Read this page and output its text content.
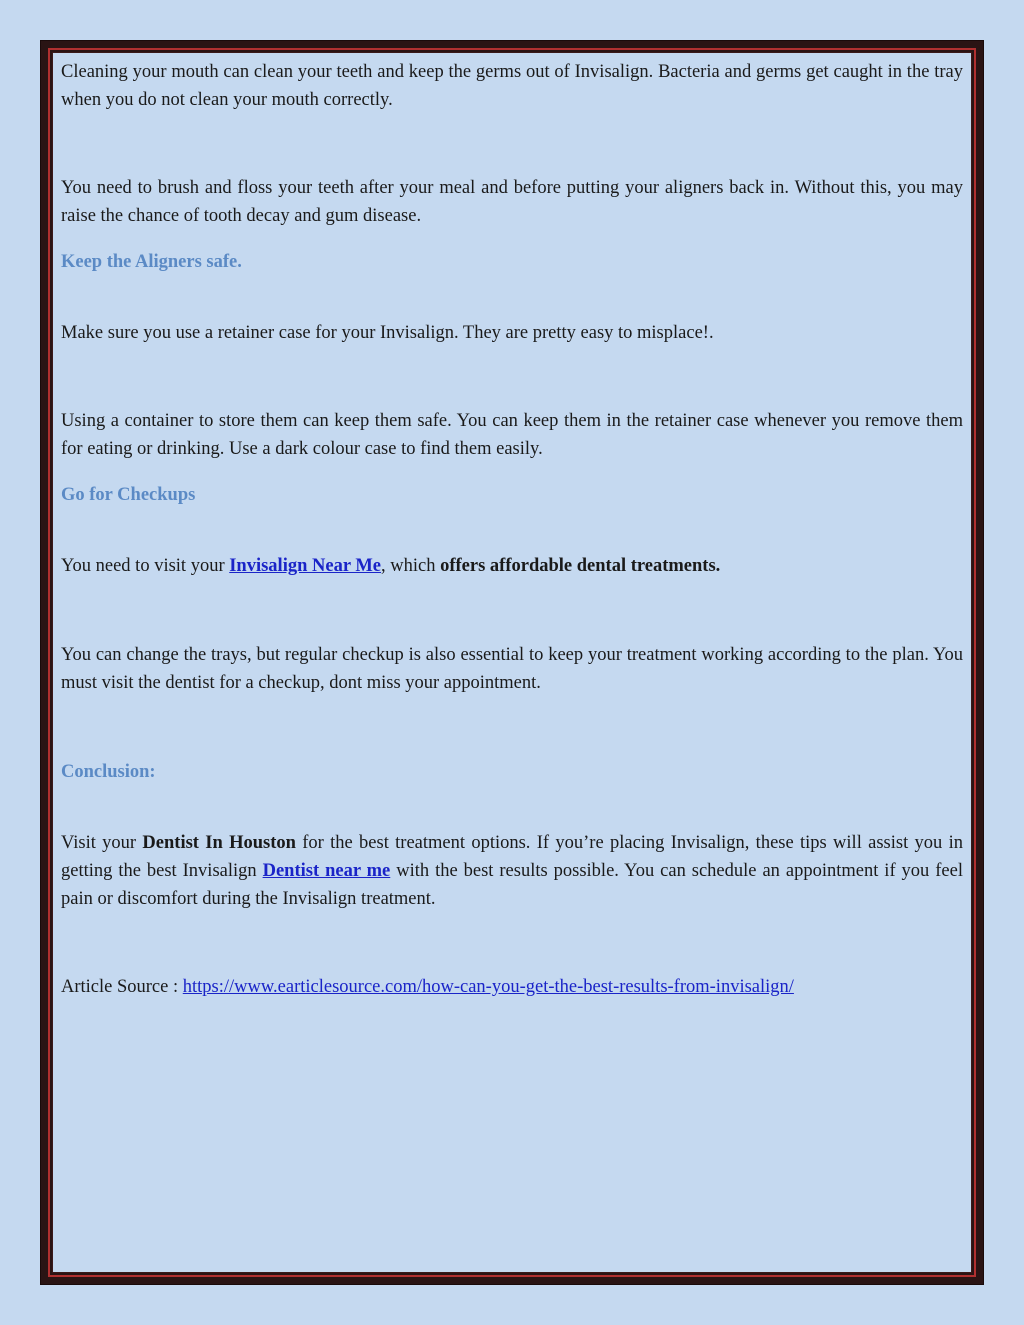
Cleaning your mouth can clean your teeth and keep the germs out of Invisalign. Bacteria and germs get caught in the tray when you do not clean your mouth correctly.

You need to brush and floss your teeth after your meal and before putting your aligners back in. Without this, you may raise the chance of tooth decay and gum disease.

Keep the Aligners safe.

Make sure you use a retainer case for your Invisalign. They are pretty easy to misplace!.

Using a container to store them can keep them safe. You can keep them in the retainer case whenever you remove them for eating or drinking. Use a dark colour case to find them easily.

Go for Checkups

You need to visit your Invisalign Near Me, which offers affordable dental treatments.

You can change the trays, but regular checkup is also essential to keep your treatment working according to the plan. You must visit the dentist for a checkup, dont miss your appointment.

Conclusion:

Visit your Dentist In Houston for the best treatment options. If you’re placing Invisalign, these tips will assist you in getting the best Invisalign Dentist near me with the best results possible. You can schedule an appointment if you feel pain or discomfort during the Invisalign treatment.

Article Source : https://www.earticlesource.com/how-can-you-get-the-best-results-from-invisalign/
